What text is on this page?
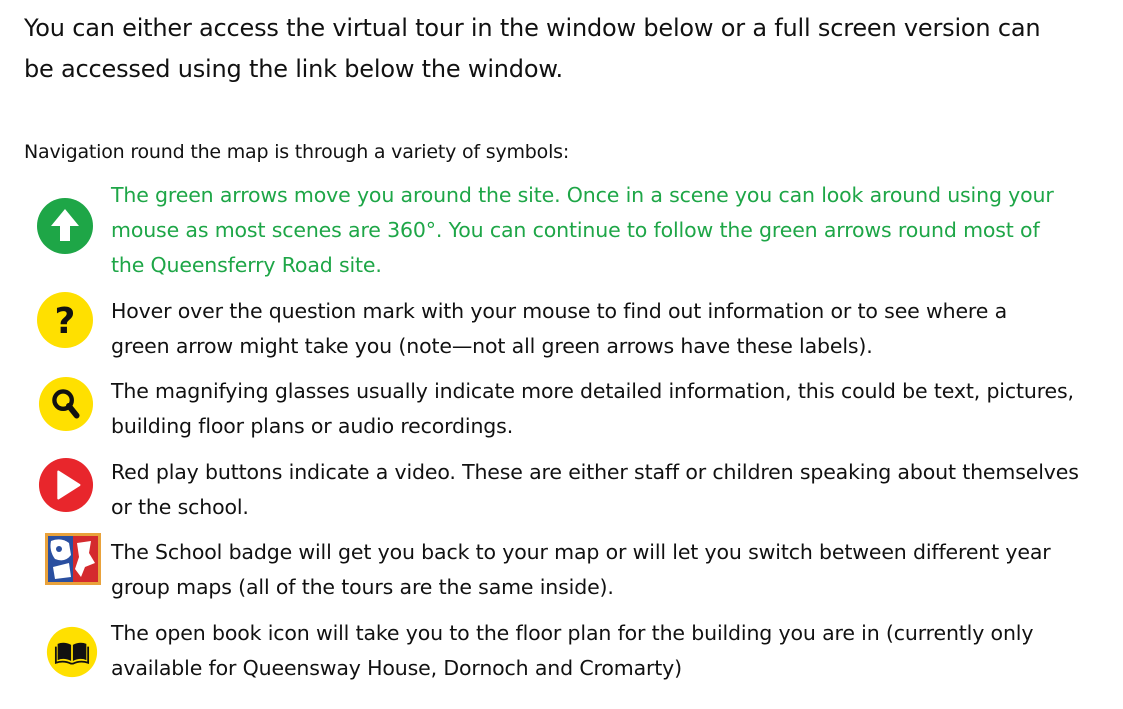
You can either access the virtual tour in the window below or a full screen version can
be accessed using the link below the window.

Navigation round the map is through a variety of symbols:

The green arrows move you around the site. Once in a scene you can look around using your
mouse as most scenes are 360°. You can continue to follow the green arrows round most of
the Queensferry Road site.

? Hover over the question mark with your mouse to find out information or to see where a
green arrow might take you (note—not all green arrows have these labels).

The magnifying glasses usually indicate more detailed information, this could be text, pictures,
building floor plans or audio recordings.

Red play buttons indicate a video. These are either staff or children speaking about themselves
or the school.

The School badge will get you back to your map or will let you switch between different year
group maps (all of the tours are the same inside).

The open book icon will take you to the floor plan for the building you are in (currently only
available for Queensway House, Dornoch and Cromarty)
